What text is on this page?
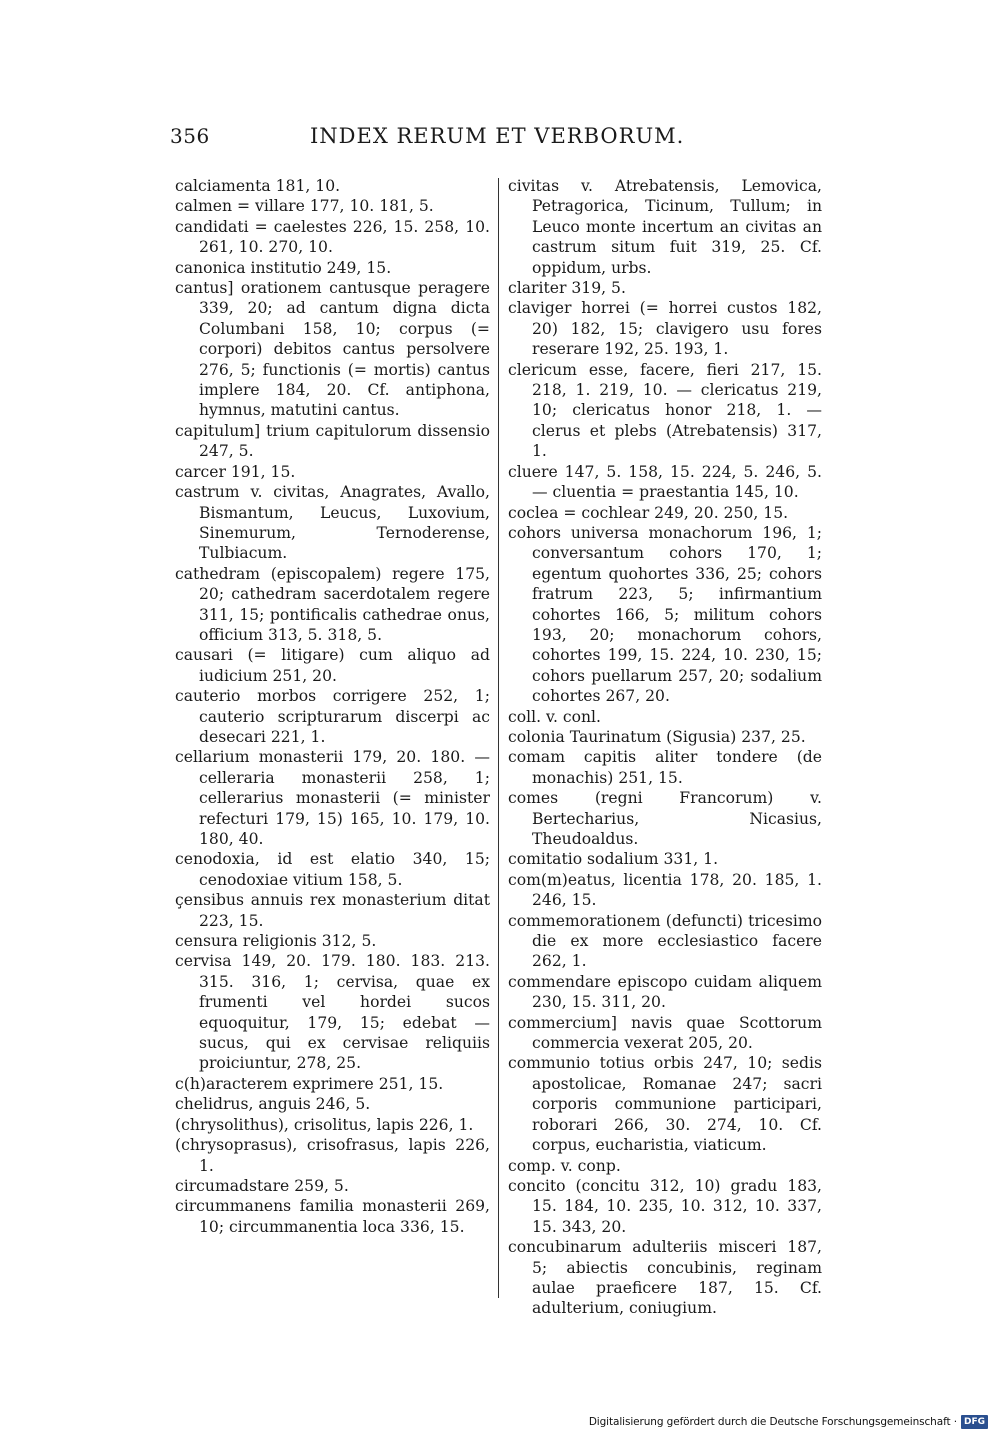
356	INDEX RERUM ET VERBORUM.

calciamenta 181, 10.

calmen = villare 177, 10. 181, 5.

candidati = caelestes 226, 15. 258, 10. 261, 10. 270, 10.

canonica institutio 249, 15.

cantus] orationem cantusque peragere 339, 20; ad cantum digna dicta Columbani 158, 10; corpus (= corpori) debitos cantus persolvere 276, 5; functionis (= mortis) cantus implere 184, 20. Cf. antiphona, hymnus, matutini cantus.

capitulum] trium capitulorum dissensio 247, 5.

carcer 191, 15.

castrum v. civitas, Anagrates, Avallo, Bismantum, Leucus, Luxovium, Sinemurum, Ternoderense, Tulbiacum.

cathedram (episcopalem) regere 175, 20; cathedram sacerdotalem regere 311, 15; pontificalis cathedrae onus, officium 313, 5. 318, 5.

causari (= litigare) cum aliquo ad iudicium 251, 20.

cauterio morbos corrigere 252, 1; cauterio scripturarum discerpi ac desecari 221, 1.

cellarium monasterii 179, 20. 180. — celleraria monasterii 258, 1; cellerarius monasterii (= minister refecturi 179, 15) 165, 10. 179, 10. 180, 40.

cenodoxia, id est elatio 340, 15; cenodoxiae vitium 158, 5.

çensibus annuis rex monasterium ditat 223, 15.

censura religionis 312, 5.

cervisa 149, 20. 179. 180. 183. 213. 315. 316, 1; cervisa, quae ex frumenti vel hordei sucos equoquitur, 179, 15; edebat — sucus, qui ex cervisae reliquiis proiciuntur, 278, 25.

c(h)aracterem exprimere 251, 15.

chelidrus, anguis 246, 5.

(chrysolithus), crisolitus, lapis 226, 1.

(chrysoprasus), crisofrasus, lapis 226, 1.

circumadstare 259, 5.

circummanens familia monasterii 269, 10; circummanentia loca 336, 15.

civitas v. Atrebatensis, Lemovica, Petragorica, Ticinum, Tullum; in Leuco monte incertum an civitas an castrum situm fuit 319, 25. Cf. oppidum, urbs.

clariter 319, 5.

claviger horrei (= horrei custos 182, 20) 182, 15; clavigero usu fores reserare 192, 25. 193, 1.

clericum esse, facere, fieri 217, 15. 218, 1. 219, 10. — clericatus 219, 10; clericatus honor 218, 1. — clerus et plebs (Atrebatensis) 317, 1.

cluere 147, 5. 158, 15. 224, 5. 246, 5. — cluentia = praestantia 145, 10.

coclea = cochlear 249, 20. 250, 15.

cohors universa monachorum 196, 1; conversantum cohors 170, 1; egentum quohortes 336, 25; cohors fratrum 223, 5; infirmantium cohortes 166, 5; militum cohors 193, 20; monachorum cohors, cohortes 199, 15. 224, 10. 230, 15; cohors puellarum 257, 20; sodalium cohortes 267, 20.

coll. v. conl.

colonia Taurinatum (Sigusia) 237, 25.

comam capitis aliter tondere (de monachis) 251, 15.

comes (regni Francorum) v. Bertecharius, Nicasius, Theudoaldus.

comitatio sodalium 331, 1.

com(m)eatus, licentia 178, 20. 185, 1. 246, 15.

commemorationem (defuncti) tricesimo die ex more ecclesiastico facere 262, 1.

commendare episcopo cuidam aliquem 230, 15. 311, 20.

commercium] navis quae Scottorum commercia vexerat 205, 20.

communio totius orbis 247, 10; sedis apostolicae, Romanae 247; sacri corporis communione participari, roborari 266, 30. 274, 10. Cf. corpus, eucharistia, viaticum.

comp. v. conp.

concito (concitu 312, 10) gradu 183, 15. 184, 10. 235, 10. 312, 10. 337, 15. 343, 20.

concubinarum adulteriis misceri 187, 5; abiectis concubinis, reginam aulae praeficere 187, 15. Cf. adulterium, coniugium.

Digitalisierung gefördert durch die Deutsche Forschungsgemeinschaft · DFG
